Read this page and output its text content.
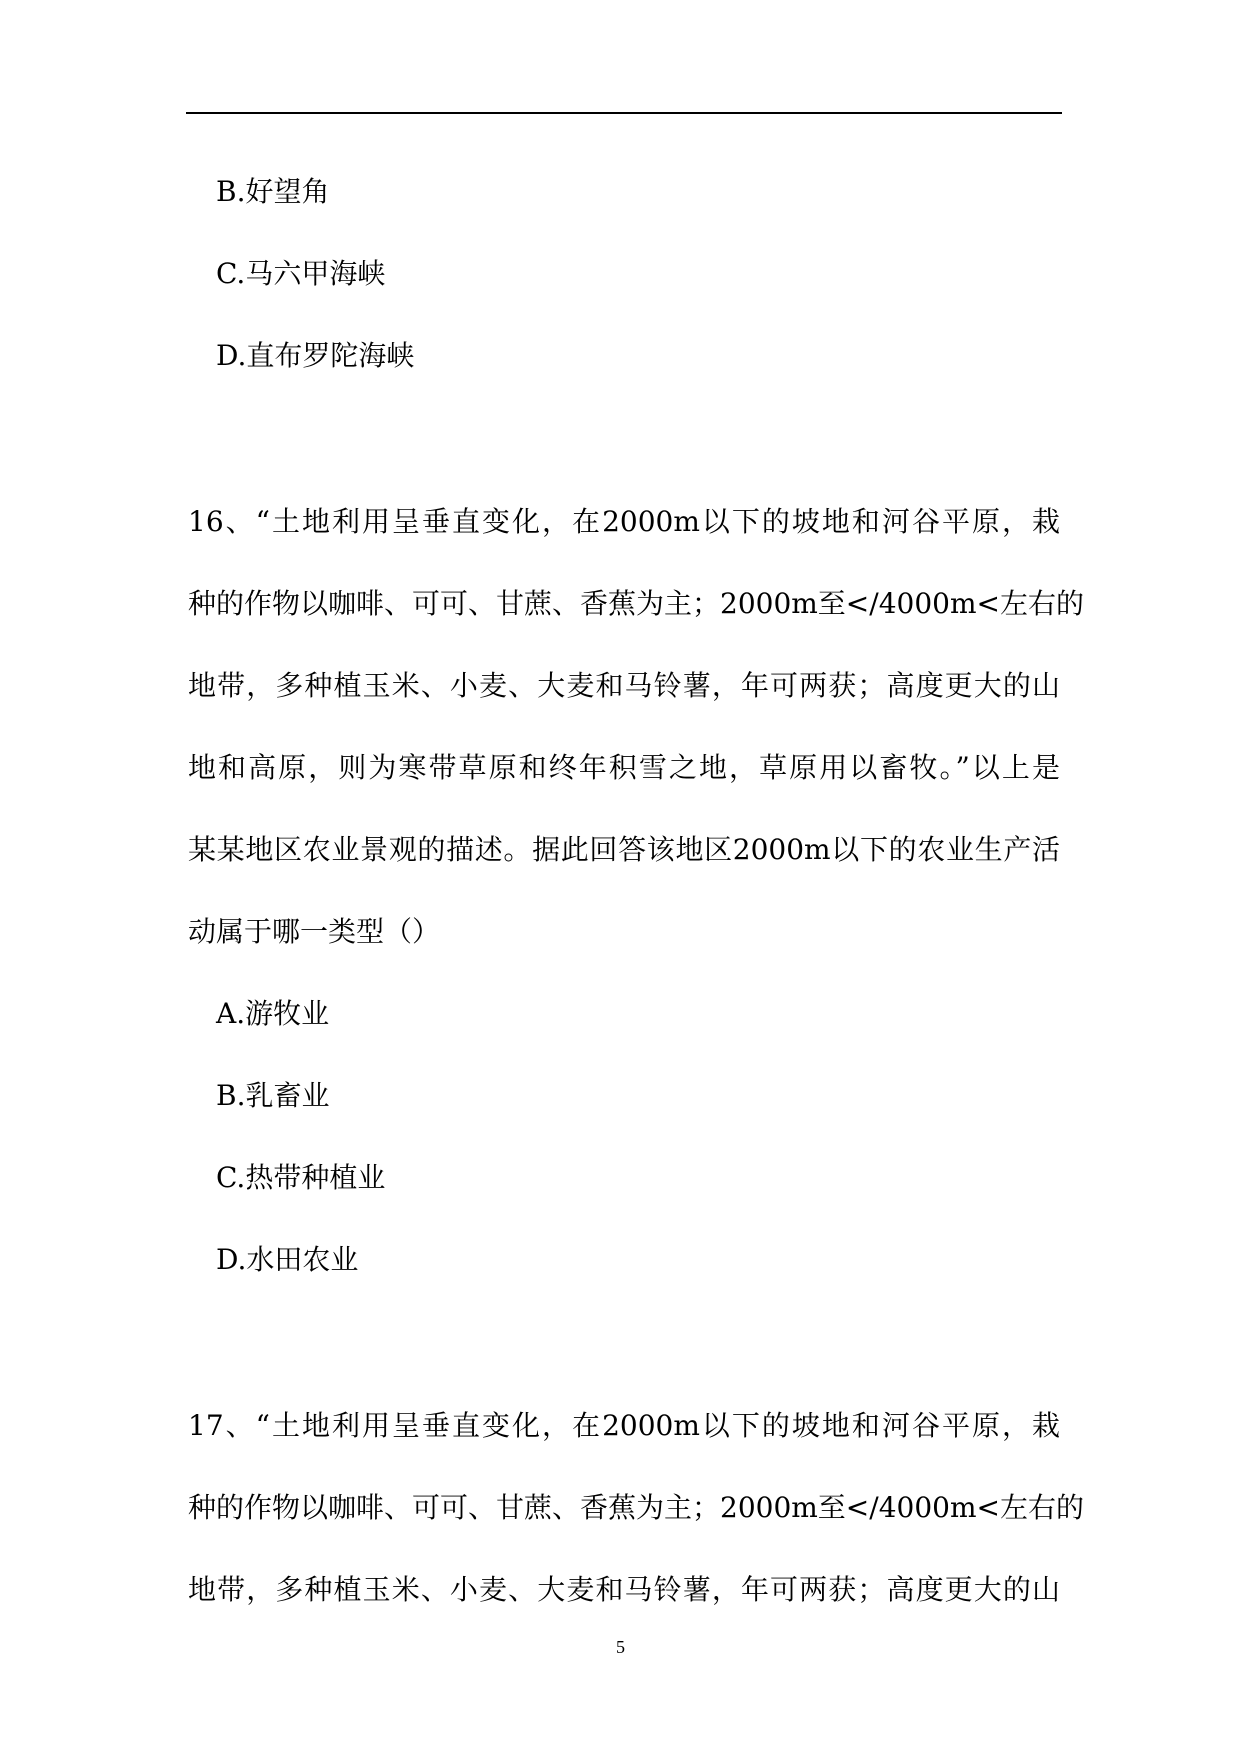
B.好望角
C.马六甲海峡
D.直布罗陀海峡
16、“土地利用呈垂直变化，在2000m以下的坡地和河谷平原，栽
种的作物以咖啡、可可、甘蔗、香蕉为主；2000m至</4000m<左右的
地带，多种植玉米、小麦、大麦和马铃薯，年可两获；高度更大的山
地和高原，则为寒带草原和终年积雪之地，草原用以畜牧。”以上是
某某地区农业景观的描述。据此回答该地区2000m以下的农业生产活
动属于哪一类型（）
A.游牧业
B.乳畜业
C.热带种植业
D.水田农业
17、“土地利用呈垂直变化，在2000m以下的坡地和河谷平原，栽
种的作物以咖啡、可可、甘蔗、香蕉为主；2000m至</4000m<左右的
地带，多种植玉米、小麦、大麦和马铃薯，年可两获；高度更大的山
5
